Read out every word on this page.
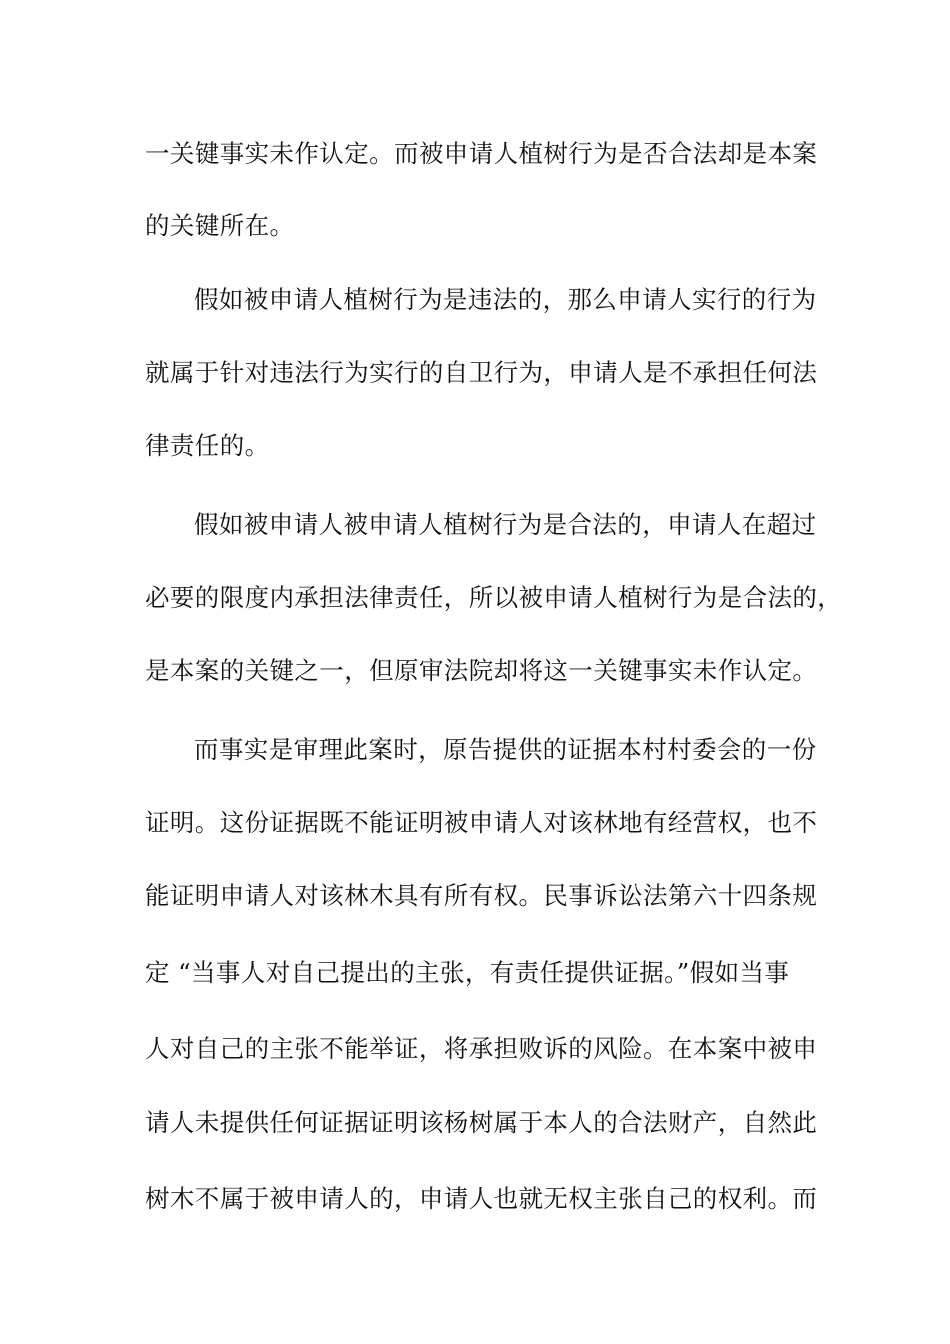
一关键事实未作认定。而被申请人植树行为是否合法却是本案
的关键所在。
假如被申请人植树行为是违法的，那么申请人实行的行为
就属于针对违法行为实行的自卫行为，申请人是不承担任何法
律责任的。
假如被申请人被申请人植树行为是合法的，申请人在超过
必要的限度内承担法律责任，所以被申请人植树行为是合法的，
是本案的关键之一，但原审法院却将这一关键事实未作认定。
而事实是审理此案时，原告提供的证据本村村委会的一份
证明。这份证据既不能证明被申请人对该林地有经营权，也不
能证明申请人对该林木具有所有权。民事诉讼法第六十四条规
定 “当事人对自己提出的主张，有责任提供证据。”假如当事
人对自己的主张不能举证，将承担败诉的风险。在本案中被申
请人未提供任何证据证明该杨树属于本人的合法财产，自然此
树木不属于被申请人的，申请人也就无权主张自己的权利。而
